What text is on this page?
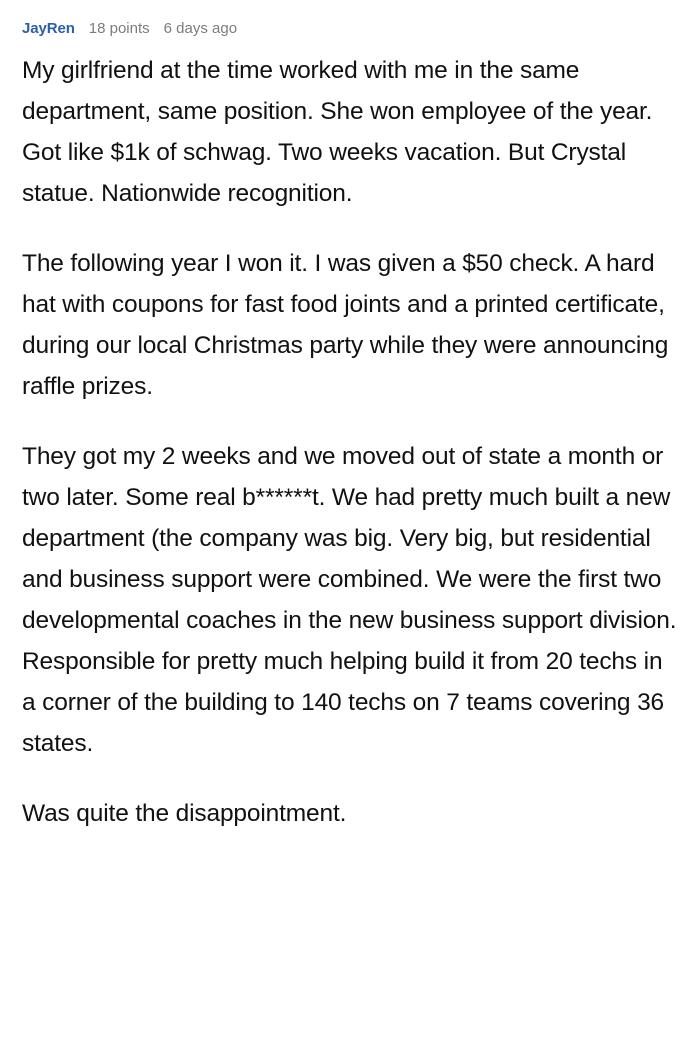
JayRen 18 points 6 days ago

My girlfriend at the time worked with me in the same department, same position. She won employee of the year. Got like $1k of schwag. Two weeks vacation. But Crystal statue. Nationwide recognition.

The following year I won it. I was given a $50 check. A hard hat with coupons for fast food joints and a printed certificate, during our local Christmas party while they were announcing raffle prizes.

They got my 2 weeks and we moved out of state a month or two later. Some real b******t. We had pretty much built a new department (the company was big. Very big, but residential and business support were combined. We were the first two developmental coaches in the new business support division. Responsible for pretty much helping build it from 20 techs in a corner of the building to 140 techs on 7 teams covering 36 states.

Was quite the disappointment.
